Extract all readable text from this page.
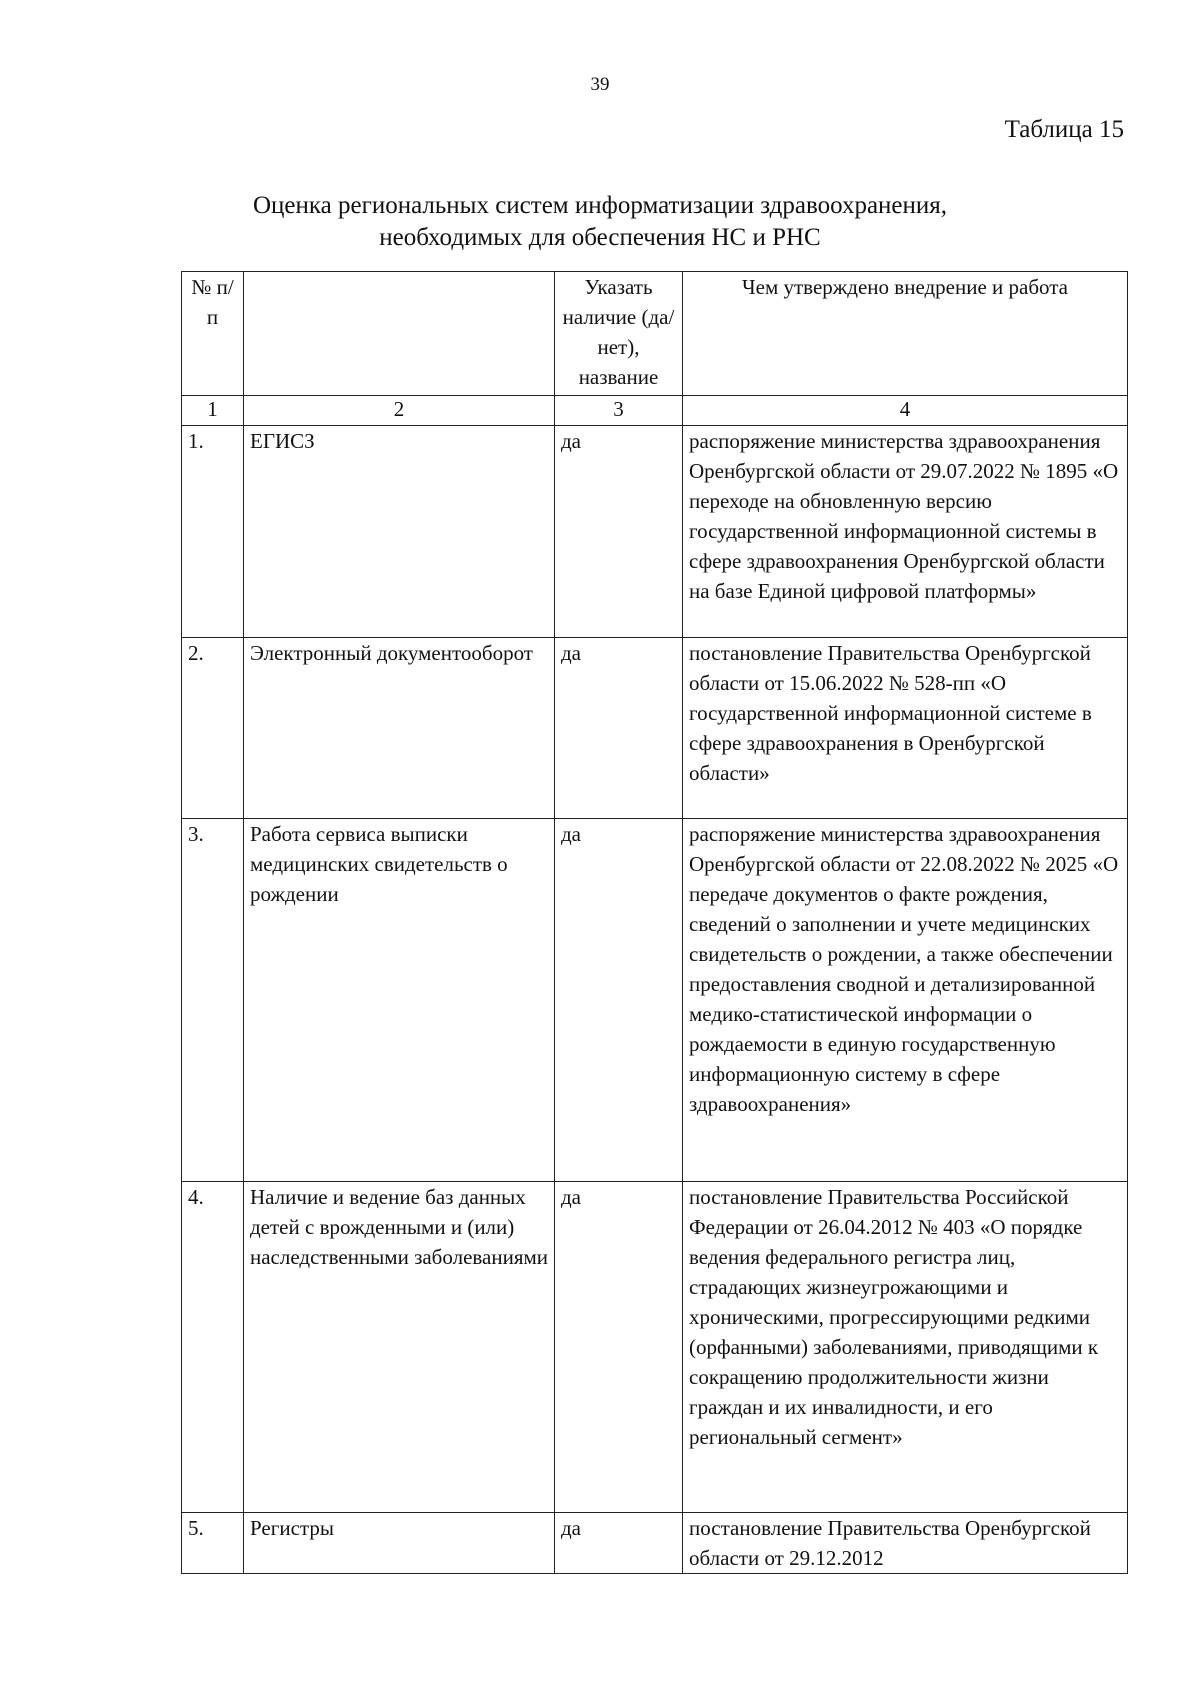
39
Таблица 15
Оценка региональных систем информатизации здравоохранения,
необходимых для обеспечения НС и РНС
№ п/п		Указать наличие (да/нет), название	Чем утверждено внедрение и работа
1	2	3	4
1.	ЕГИСЗ	да	распоряжение министерства здравоохранения Оренбургской области от 29.07.2022 № 1895 «О переходе на обновленную версию государственной информационной системы в сфере здравоохранения Оренбургской области на базе Единой цифровой платформы»
2.	Электронный документооборот	да	постановление Правительства Оренбургской области от 15.06.2022 № 528-пп «О государственной информационной системе в сфере здравоохранения в Оренбургской области»
3.	Работа сервиса выписки медицинских свидетельств о рождении	да	распоряжение министерства здравоохранения Оренбургской области от 22.08.2022 № 2025 «О передаче документов о факте рождения, сведений о заполнении и учете медицинских свидетельств о рождении, а также обеспечении предоставления сводной и детализированной медико-статистической информации о рождаемости в единую государственную информационную систему в сфере здравоохранения»
4.	Наличие и ведение баз данных детей с врожденными и (или) наследственными заболеваниями	да	постановление Правительства Российской Федерации от 26.04.2012 № 403 «О порядке ведения федерального регистра лиц, страдающих жизнеугрожающими и хроническими, прогрессирующими редкими (орфанными) заболеваниями, приводящими к сокращению продолжительности жизни граждан и их инвалидности, и его региональный сегмент»
5.	Регистры	да	постановление Правительства Оренбургской области от 29.12.2012
